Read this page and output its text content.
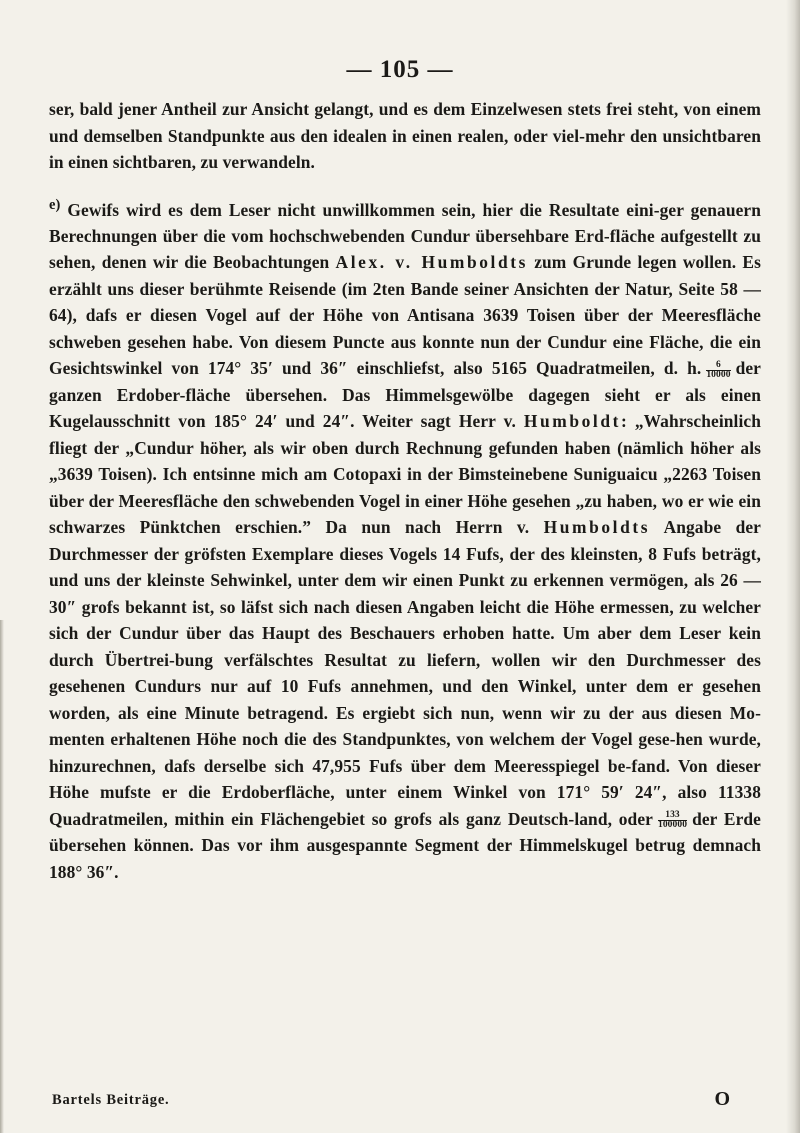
— 105 —

ser, bald jener Antheil zur Ansicht gelangt, und es dem Einzelwesen stets frei steht, von einem und demselben Standpunkte aus den idealen in einen realen, oder viel-mehr den unsichtbaren in einen sichtbaren, zu verwandeln.

$^{e)}$ Gewifs wird es dem Leser nicht unwillkommen sein, hier die Resultate eini-ger genauern Berechnungen über die vom hochschwebenden Cundur übersehbare Erd-fläche aufgestellt zu sehen, denen wir die Beobachtungen Alex. v. Humboldts zum Grunde legen wollen. Es erzählt uns dieser berühmte Reisende (im 2ten Bande seiner Ansichten der Natur, Seite 58 — 64), dafs er diesen Vogel auf der Höhe von Antisana 3639 Toisen über der Meeresfläche schweben gesehen habe. Von diesem Puncte aus konnte nun der Cundur eine Fläche, die ein Gesichtswinkel von 174° 35′ und 36″ einschliefst, also 5165 Quadratmeilen, d. h. $\frac{6}{10000}$ der ganzen Erdober-fläche übersehen. Das Himmelsgewölbe dagegen sieht er als einen Kugelausschnitt von 185° 24′ und 24″. Weiter sagt Herr v. Humboldt: „Wahrscheinlich fliegt der „Cundur höher, als wir oben durch Rechnung gefunden haben (nämlich höher als „3639 Toisen). Ich entsinne mich am Cotopaxi in der Bimsteinebene Suniguaicu „2263 Toisen über der Meeresfläche den schwebenden Vogel in einer Höhe gesehen „zu haben, wo er wie ein schwarzes Pünktchen erschien.” Da nun nach Herrn v. Humboldts Angabe der Durchmesser der gröfsten Exemplare dieses Vogels 14 Fufs, der des kleinsten, 8 Fufs beträgt, und uns der kleinste Sehwinkel, unter dem wir einen Punkt zu erkennen vermögen, als 26 — 30″ grofs bekannt ist, so läfst sich nach diesen Angaben leicht die Höhe ermessen, zu welcher sich der Cundur über das Haupt des Beschauers erhoben hatte. Um aber dem Leser kein durch Übertrei-bung verfälschtes Resultat zu liefern, wollen wir den Durchmesser des gesehenen Cundurs nur auf 10 Fufs annehmen, und den Winkel, unter dem er gesehen worden, als eine Minute betragend. Es ergiebt sich nun, wenn wir zu der aus diesen Mo-menten erhaltenen Höhe noch die des Standpunktes, von welchem der Vogel gese-hen wurde, hinzurechnen, dafs derselbe sich 47,955 Fufs über dem Meeresspiegel be-fand. Von dieser Höhe mufste er die Erdoberfläche, unter einem Winkel von 171° 59′ 24″, also 11338 Quadratmeilen, mithin ein Flächengebiet so grofs als ganz Deutsch-land, oder $\frac{133}{100000}$ der Erde übersehen können. Das vor ihm ausgespannte Segment der Himmelskugel betrug demnach 188° 36″.

Bartels Beiträge.	O
